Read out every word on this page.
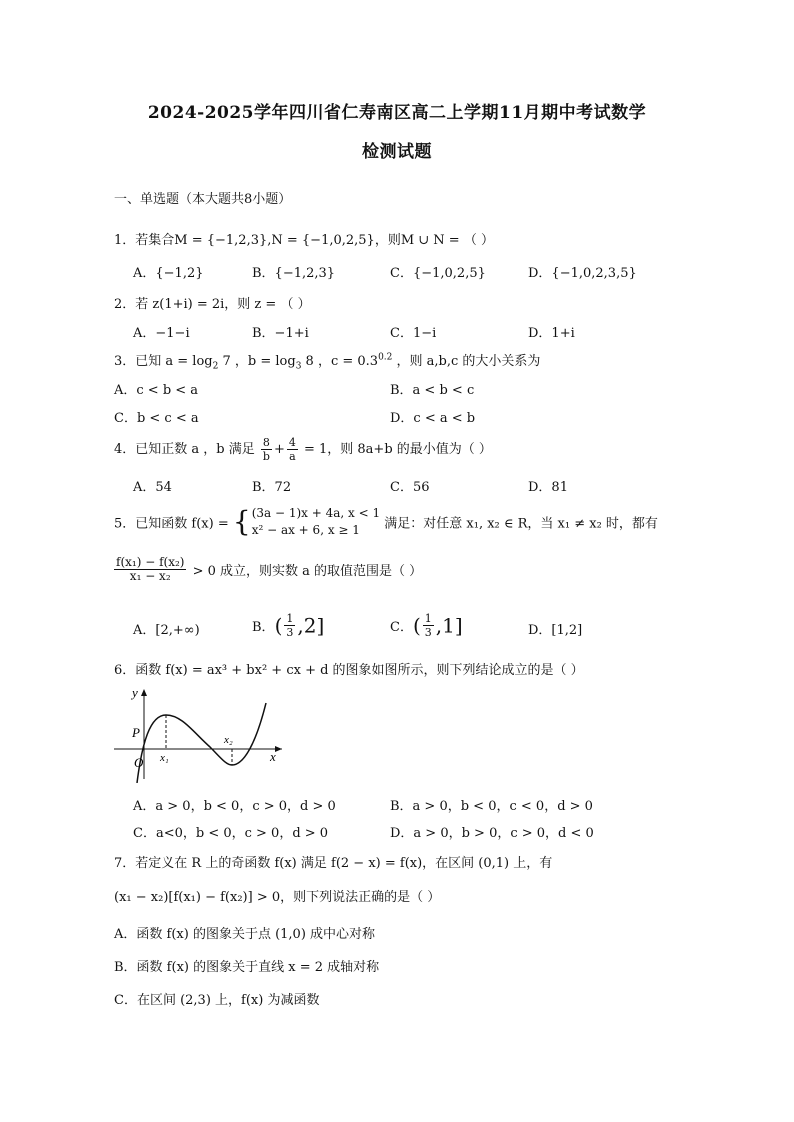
2024-2025学年四川省仁寿南区高二上学期11月期中考试数学
检测试题
一、单选题（本大题共8小题）
1．若集合M = {−1,2,3},N = {−1,0,2,5}，则M ∪ N = （ ）
A．{−1,2}	B．{−1,2,3}	C．{−1,0,2,5}	D．{−1,0,2,3,5}
2．若 z(1+i) = 2i，则 z = （ ）
A．−1−i	B．−1+i	C．1−i	D．1+i
3．已知 $a = \log_2 7$ ，$b = \log_3 8$ ，$c = 0.3^{0.2}$ ，则 a,b,c 的大小关系为
A．c < b < a	B．a < b < c
C．b < c < a	D．c < a < b
4．已知正数 a ，b 满足 $\frac{8}{b} + \frac{4}{a} = 1$，则 8a+b 的最小值为（ ）
A．54	B．72	C．56	D．81
5．已知函数 f(x) = { (3a − 1)x + 4a, x < 1
x² − ax + 6, x ≥ 1	满足：对任意 x₁, x₂ ∈ R，当 x₁ ≠ x₂ 时，都有
$\frac{\text{f(x₁) − f(x₂)}}{\text{x₁ − x₂}} > 0$ 成立，则实数 a 的取值范围是（ ）
A．[2,+∞)	B．( $\frac{1}{3} ,2$]	C．( $\frac{1}{3} ,1$]	D．[1,2]
6．函数 f(x) = ax³ + bx² + cx + d 的图象如图所示，则下列结论成立的是（ ）
y
x
P
O x₁
x₂
A．a > 0，b < 0，c > 0，d > 0	B．a > 0，b < 0，c < 0，d > 0
C．a<0，b < 0，c > 0，d > 0	D．a > 0，b > 0，c > 0，d < 0
7．若定义在 R 上的奇函数 f(x) 满足 f(2 − x) = f(x)，在区间 (0,1) 上，有
(x₁ − x₂)[f(x₁) − f(x₂)] > 0，则下列说法正确的是（ ）
A．函数 f(x) 的图象关于点 (1,0) 成中心对称
B．函数 f(x) 的图象关于直线 x = 2 成轴对称
C．在区间 (2,3) 上，f(x) 为减函数
